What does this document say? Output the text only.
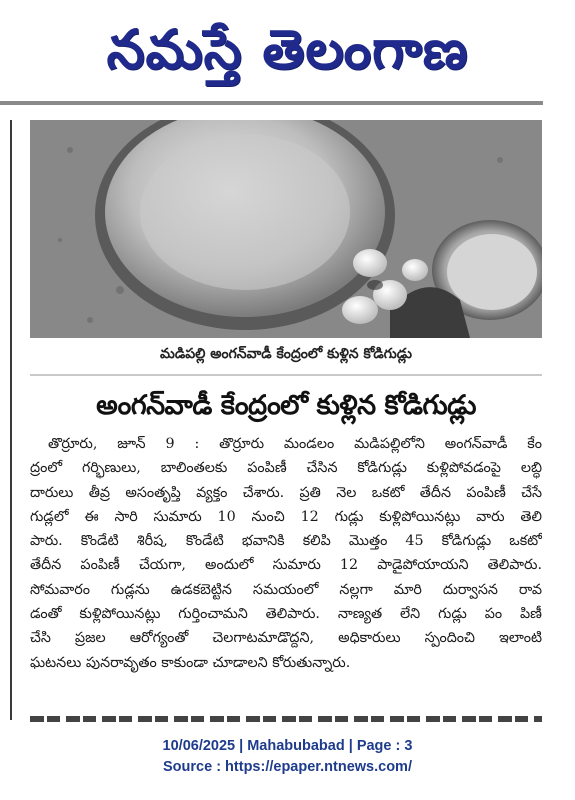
నమస్తే తెలంగాణ
మడిపల్లి అంగన్‌వాడీ కేంద్రంలో కుళ్లిన కోడిగుడ్లు
అంగన్‌వాడీ కేంద్రంలో కుళ్లిన కోడిగుడ్లు
తొర్రూరు, జూన్ 9 : తొర్రూరు మండలం మడిపల్లిలోని అంగన్‌వాడీ కేం
ద్రంలో గర్భిణులు, బాలింతలకు పంపిణీ చేసిన కోడిగుడ్లు కుళ్లిపోవడంపై లబ్ధి
దారులు తీవ్ర అసంతృప్తి వ్యక్తం చేశారు. ప్రతి నెల ఒకటో తేదీన పంపిణీ చేసే
గుడ్లలో ఈ సారి సుమారు 10 నుంచి 12 గుడ్లు కుళ్లిపోయినట్లు వారు తెలి
పారు. కొండేటి శిరీష, కొండేటి భవానికి కలిపి మొత్తం 45 కోడిగుడ్లు ఒకటో
తేదీన పంపిణీ చేయగా, అందులో సుమారు 12 పాడైపోయాయని తెలిపారు.
సోమవారం గుడ్లను ఉడకబెట్టిన సమయంలో నల్లగా మారి దుర్వాసన రావ
డంతో కుళ్లిపోయినట్లు గుర్తించామని తెలిపారు. నాణ్యత లేని గుడ్లు పం పిణీ
చేసి ప్రజల ఆరోగ్యంతో చెలగాటమాడొద్దని, అధికారులు స్పందించి ఇలాంటి
ఘటనలు పునరావృతం కాకుండా చూడాలని కోరుతున్నారు.
10/06/2025 | Mahabubabad | Page : 3
Source : https://epaper.ntnews.com/
